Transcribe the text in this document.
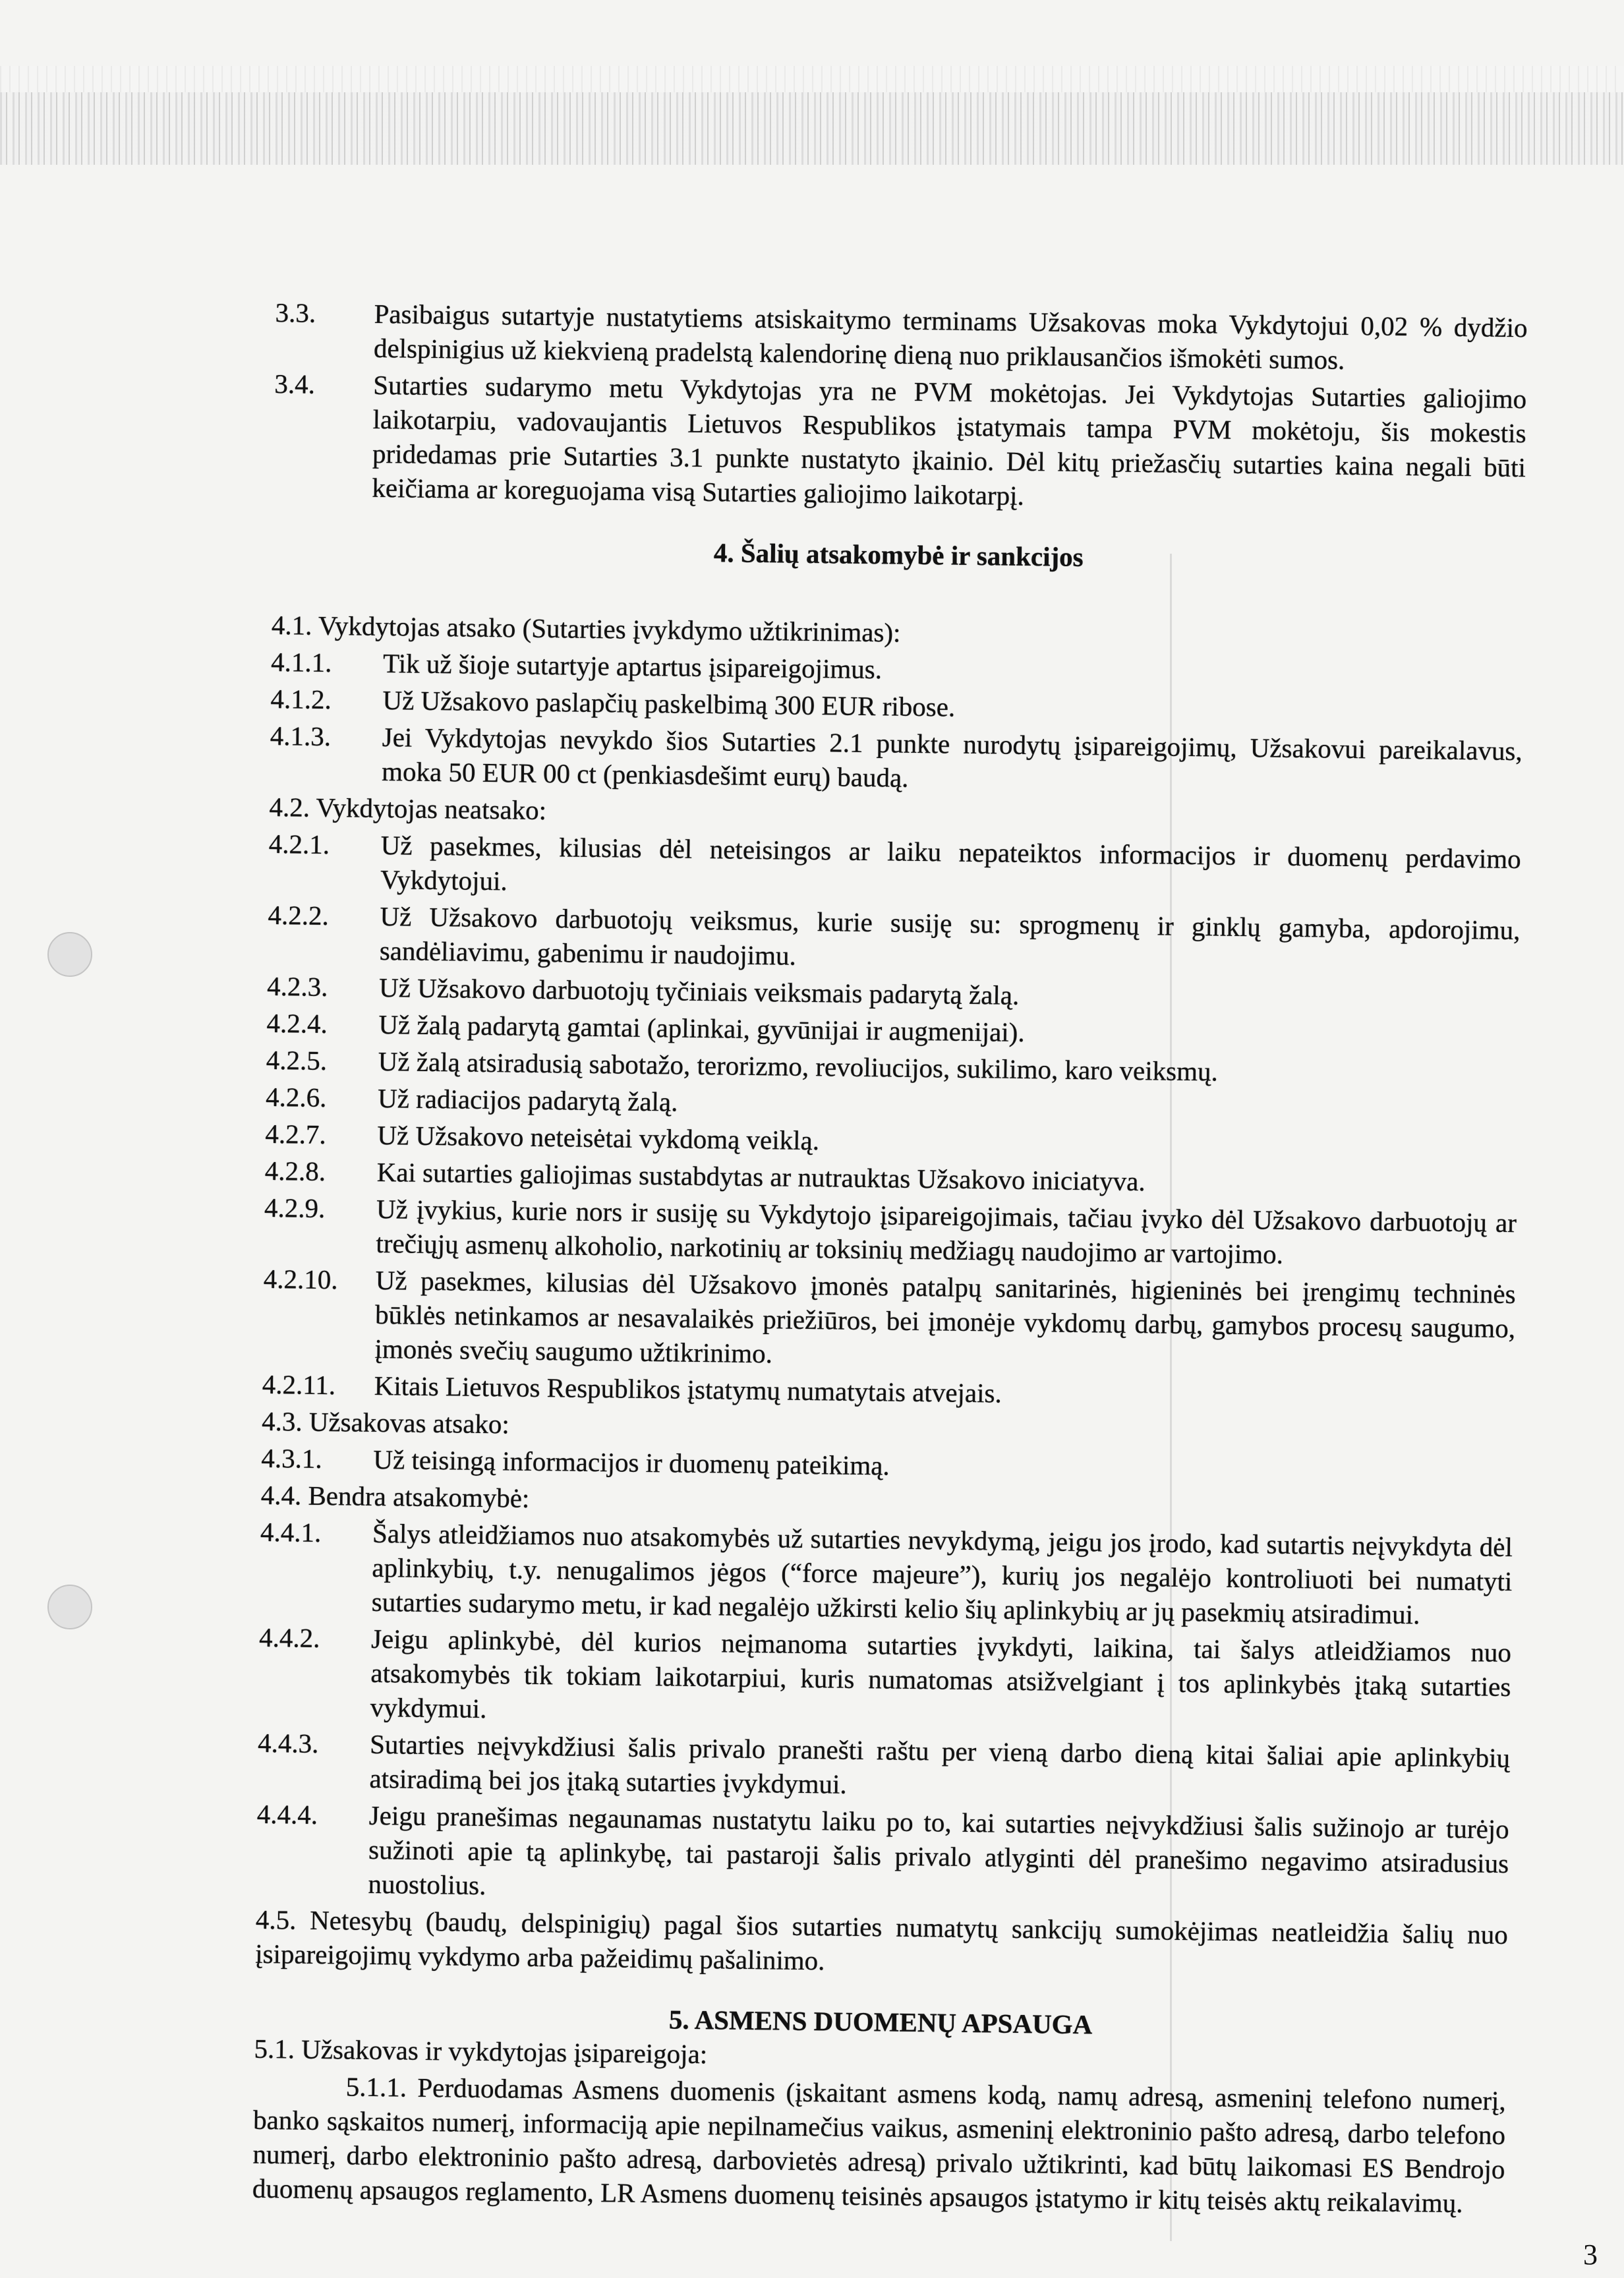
3.3.	Pasibaigus sutartyje nustatytiems atsiskaitymo terminams Užsakovas moka Vykdytojui 0,02 % dydžio delspinigius už kiekvieną pradelstą kalendorinę dieną nuo priklausančios išmokėti sumos.
3.4.	Sutarties sudarymo metu Vykdytojas yra ne PVM mokėtojas. Jei Vykdytojas Sutarties galiojimo laikotarpiu, vadovaujantis Lietuvos Respublikos įstatymais tampa PVM mokėtoju, šis mokestis pridedamas prie Sutarties 3.1 punkte nustatyto įkainio. Dėl kitų priežasčių sutarties kaina negali būti keičiama ar koreguojama visą Sutarties galiojimo laikotarpį.
4. Šalių atsakomybė ir sankcijos
4.1. Vykdytojas atsako (Sutarties įvykdymo užtikrinimas):
4.1.1.	Tik už šioje sutartyje aptartus įsipareigojimus.
4.1.2.	Už Užsakovo paslapčių paskelbimą 300 EUR ribose.
4.1.3.	Jei Vykdytojas nevykdo šios Sutarties 2.1 punkte nurodytų įsipareigojimų, Užsakovui pareikalavus, moka 50 EUR 00 ct (penkiasdešimt eurų) baudą.
4.2. Vykdytojas neatsako:
4.2.1.	Už pasekmes, kilusias dėl neteisingos ar laiku nepateiktos informacijos ir duomenų perdavimo Vykdytojui.
4.2.2.	Už Užsakovo darbuotojų veiksmus, kurie susiję su: sprogmenų ir ginklų gamyba, apdorojimu, sandėliavimu, gabenimu ir naudojimu.
4.2.3.	Už Užsakovo darbuotojų tyčiniais veiksmais padarytą žalą.
4.2.4.	Už žalą padarytą gamtai (aplinkai, gyvūnijai ir augmenijai).
4.2.5.	Už žalą atsiradusią sabotažo, terorizmo, revoliucijos, sukilimo, karo veiksmų.
4.2.6.	Už radiacijos padarytą žalą.
4.2.7.	Už Užsakovo neteisėtai vykdomą veiklą.
4.2.8.	Kai sutarties galiojimas sustabdytas ar nutrauktas Užsakovo iniciatyva.
4.2.9.	Už įvykius, kurie nors ir susiję su Vykdytojo įsipareigojimais, tačiau įvyko dėl Užsakovo darbuotojų ar trečiųjų asmenų alkoholio, narkotinių ar toksinių medžiagų naudojimo ar vartojimo.
4.2.10.	Už pasekmes, kilusias dėl Užsakovo įmonės patalpų sanitarinės, higieninės bei įrengimų techninės būklės netinkamos ar nesavalaikės priežiūros, bei įmonėje vykdomų darbų, gamybos procesų saugumo, įmonės svečių saugumo užtikrinimo.
4.2.11.	Kitais Lietuvos Respublikos įstatymų numatytais atvejais.
4.3. Užsakovas atsako:
4.3.1.	Už teisingą informacijos ir duomenų pateikimą.
4.4. Bendra atsakomybė:
4.4.1.	Šalys atleidžiamos nuo atsakomybės už sutarties nevykdymą, jeigu jos įrodo, kad sutartis neįvykdyta dėl aplinkybių, t.y. nenugalimos jėgos (“force majeure”), kurių jos negalėjo kontroliuoti bei numatyti sutarties sudarymo metu, ir kad negalėjo užkirsti kelio šių aplinkybių ar jų pasekmių atsiradimui.
4.4.2.	Jeigu aplinkybė, dėl kurios neįmanoma sutarties įvykdyti, laikina, tai šalys atleidžiamos nuo atsakomybės tik tokiam laikotarpiui, kuris numatomas atsižvelgiant į tos aplinkybės įtaką sutarties vykdymui.
4.4.3.	Sutarties neįvykdžiusi šalis privalo pranešti raštu per vieną darbo dieną kitai šaliai apie aplinkybių atsiradimą bei jos įtaką sutarties įvykdymui.
4.4.4.	Jeigu pranešimas negaunamas nustatytu laiku po to, kai sutarties neįvykdžiusi šalis sužinojo ar turėjo sužinoti apie tą aplinkybę, tai pastaroji šalis privalo atlyginti dėl pranešimo negavimo atsiradusius nuostolius.
4.5. Netesybų (baudų, delspinigių) pagal šios sutarties numatytų sankcijų sumokėjimas neatleidžia šalių nuo įsipareigojimų vykdymo arba pažeidimų pašalinimo.
5. ASMENS DUOMENŲ APSAUGA
5.1. Užsakovas ir vykdytojas įsipareigoja:
5.1.1. Perduodamas Asmens duomenis (įskaitant asmens kodą, namų adresą, asmeninį telefono numerį, banko sąskaitos numerį, informaciją apie nepilnamečius vaikus, asmeninį elektroninio pašto adresą, darbo telefono numerį, darbo elektroninio pašto adresą, darbovietės adresą) privalo užtikrinti, kad būtų laikomasi ES Bendrojo duomenų apsaugos reglamento, LR Asmens duomenų teisinės apsaugos įstatymo ir kitų teisės aktų reikalavimų.
3
